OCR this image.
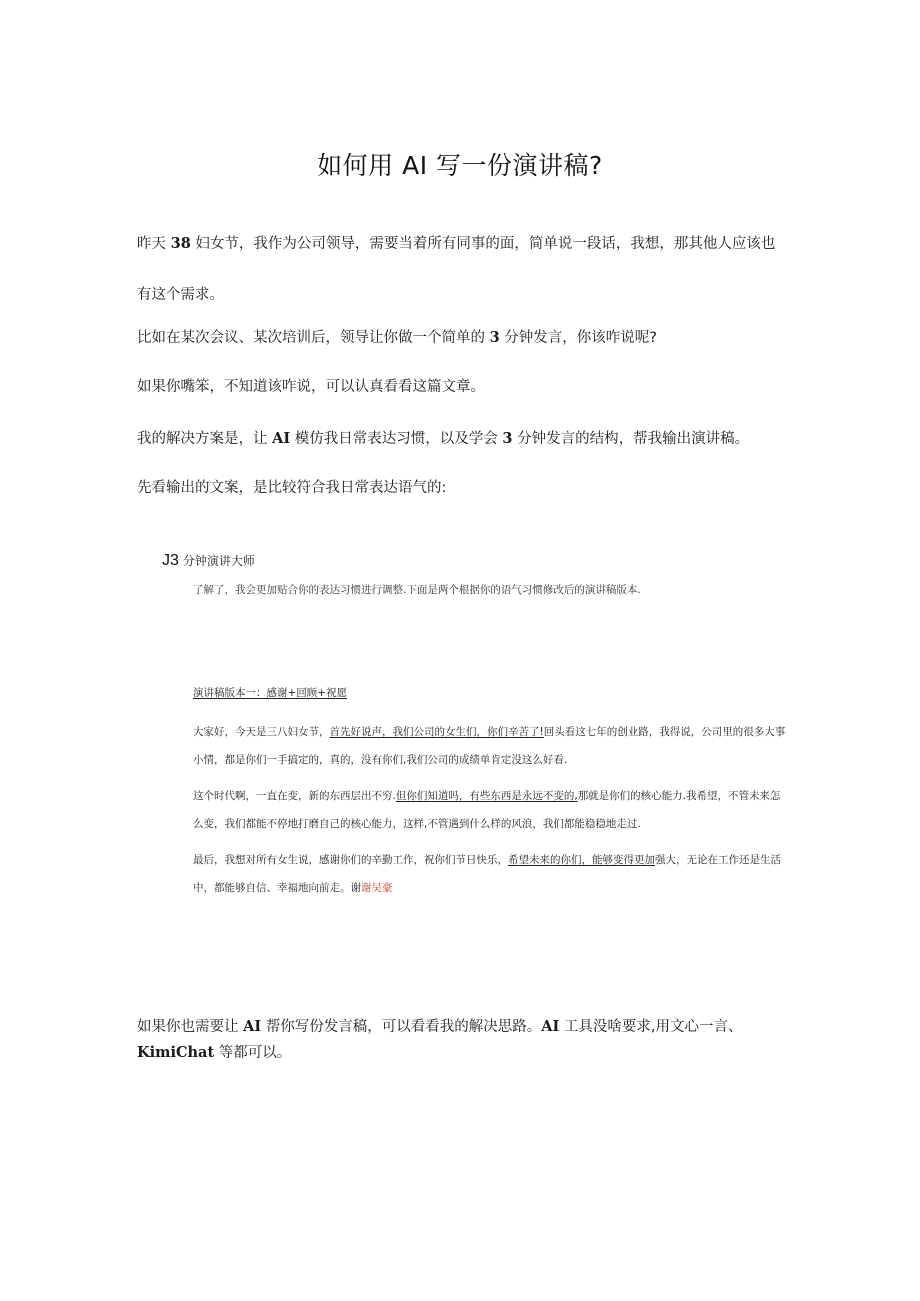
如何用 AI 写一份演讲稿?

昨天 38 妇女节，我作为公司领导，需要当着所有同事的面，简单说一段话，我想，那其他人应该也有这个需求。

比如在某次会议、某次培训后，领导让你做一个简单的 3 分钟发言，你该咋说呢?

如果你嘴笨，不知道该咋说，可以认真看看这篇文章。

我的解决方案是，让 AI 模仿我日常表达习惯，以及学会 3 分钟发言的结构，帮我输出演讲稿。

先看输出的文案，是比较符合我日常表达语气的:

J3 分钟演讲大师
了解了，我会更加贴合你的表达习惯进行调整.下面是两个根据你的语气习惯修改后的演讲稿版本.
演讲稿版本一：感谢+回顾+祝愿

大家好，今天是三八妇女节，首先好说声，我们公司的女生们，你们辛苦了!回头看这七年的创业路，我得说，公司里的很多大事小情，都是你们一手搞定的，真的，没有你们,我们公司的成绩单肯定没这么好看.

这个时代啊，一直在变，新的东西层出不穷.但你们知道吗，有些东西是永远不变的,那就是你们的核心能力.我希望，不管未来怎么变，我们都能不停地打磨自己的核心能力，这样,不管遇到什么样的风浪，我们都能稳稳地走过.

最后，我想对所有女生说，感谢你们的辛勤工作，祝你们节日快乐，希望未来的你们，能够变得更加强大，无论在工作还是生活中，都能够自信、幸福地向前走。谢谢吴豪

如果你也需要让 AI 帮你写份发言稿，可以看看我的解决思路。AI 工具没啥要求,用文心一言、KimiChat 等都可以。
